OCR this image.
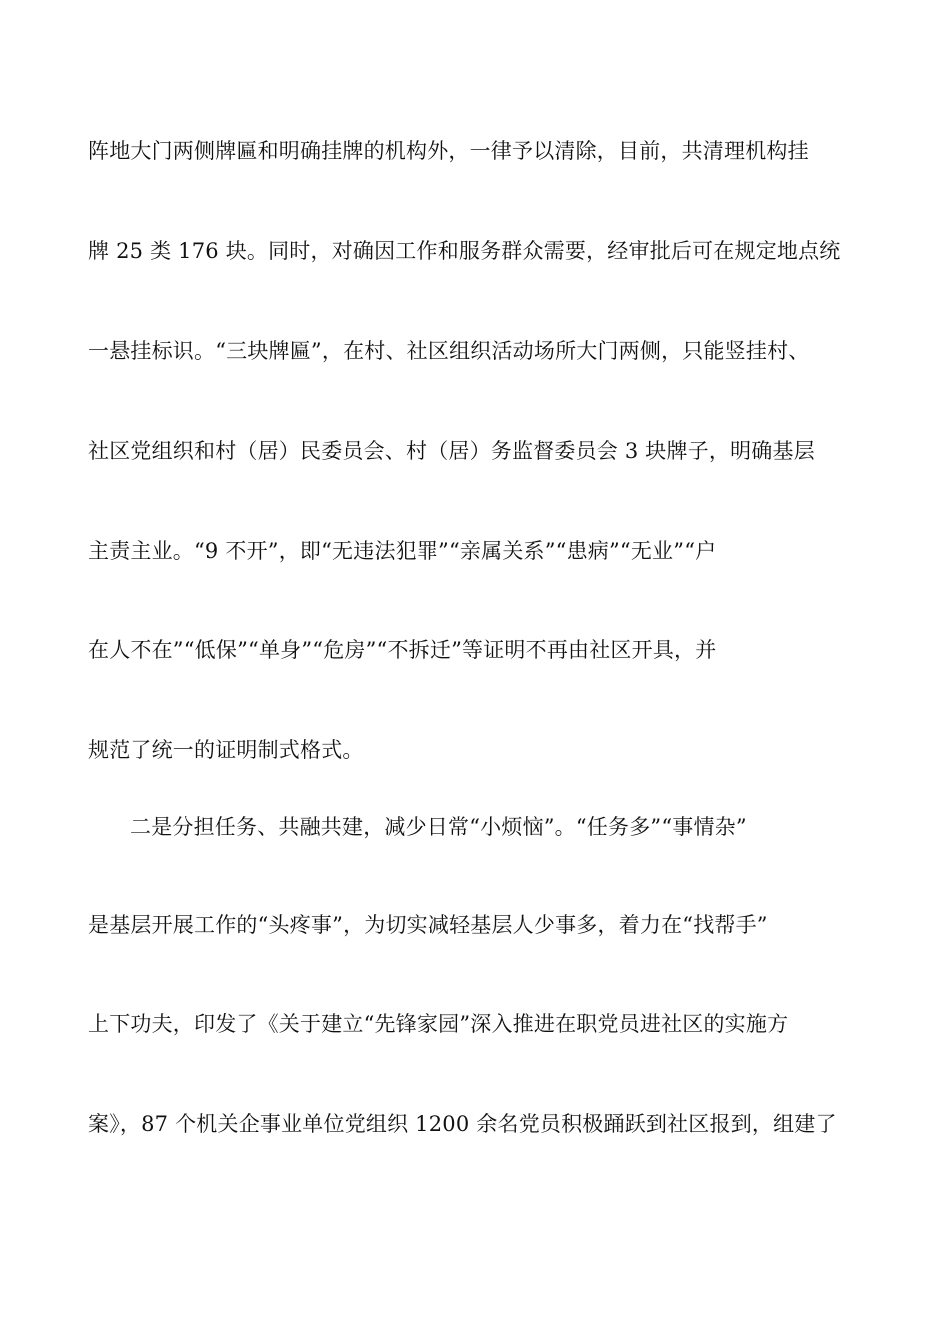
阵地大门两侧牌匾和明确挂牌的机构外，一律予以清除，目前，共清理机构挂
牌 25 类 176 块。同时，对确因工作和服务群众需要，经审批后可在规定地点统
一悬挂标识。“三块牌匾”，在村、社区组织活动场所大门两侧，只能竖挂村、
社区党组织和村（居）民委员会、村（居）务监督委员会 3 块牌子，明确基层
主责主业。“9 不开”，即“无违法犯罪”“亲属关系”“患病”“无业”“户
在人不在”“低保”“单身”“危房”“不拆迁”等证明不再由社区开具，并
规范了统一的证明制式格式。
二是分担任务、共融共建，减少日常“小烦恼”。“任务多”“事情杂”
是基层开展工作的“头疼事”，为切实减轻基层人少事多，着力在“找帮手”
上下功夫，印发了《关于建立“先锋家园”深入推进在职党员进社区的实施方
案》，87 个机关企事业单位党组织 1200 余名党员积极踊跃到社区报到，组建了
